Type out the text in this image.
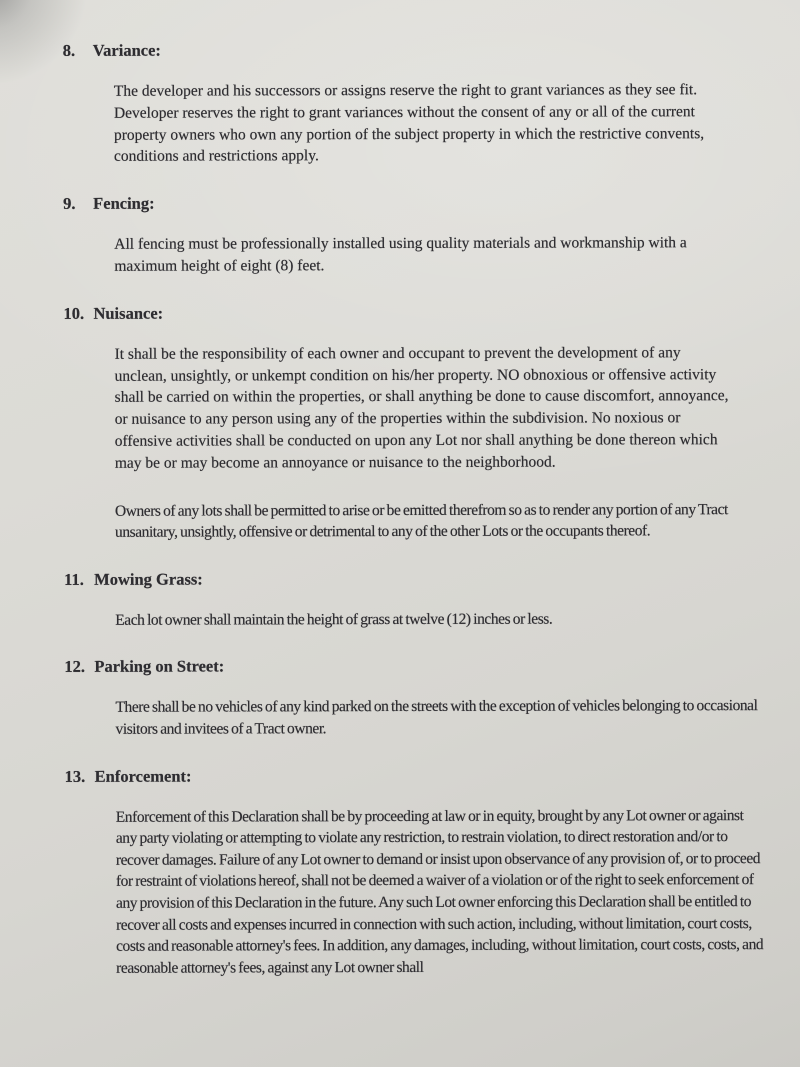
8.	Variance:

The developer and his successors or assigns reserve the right to grant variances as they see fit. Developer reserves the right to grant variances without the consent of any or all of the current property owners who own any portion of the subject property in which the restrictive convents, conditions and restrictions apply.

9.	Fencing:

All fencing must be professionally installed using quality materials and workmanship with a maximum height of eight (8) feet.

10. Nuisance:

It shall be the responsibility of each owner and occupant to prevent the development of any unclean, unsightly, or unkempt condition on his/her property. NO obnoxious or offensive activity shall be carried on within the properties, or shall anything be done to cause discomfort, annoyance, or nuisance to any person using any of the properties within the subdivision. No noxious or offensive activities shall be conducted on upon any Lot nor shall anything be done thereon which may be or may become an annoyance or nuisance to the neighborhood.

Owners of any lots shall be permitted to arise or be emitted therefrom so as to render any portion of any Tract unsanitary, unsightly, offensive or detrimental to any of the other Lots or the occupants thereof.

11. Mowing Grass:

Each lot owner shall maintain the height of grass at twelve (12) inches or less.

12. Parking on Street:

There shall be no vehicles of any kind parked on the streets with the exception of vehicles belonging to occasional visitors and invitees of a Tract owner.

13. Enforcement:

Enforcement of this Declaration shall be by proceeding at law or in equity, brought by any Lot owner or against any party violating or attempting to violate any restriction, to restrain violation, to direct restoration and/or to recover damages. Failure of any Lot owner to demand or insist upon observance of any provision of, or to proceed for restraint of violations hereof, shall not be deemed a waiver of a violation or of the right to seek enforcement of any provision of this Declaration in the future. Any such Lot owner enforcing this Declaration shall be entitled to recover all costs and expenses incurred in connection with such action, including, without limitation, court costs, costs and reasonable attorney's fees. In addition, any damages, including, without limitation, court costs, costs, and reasonable attorney's fees, against any Lot owner shall
